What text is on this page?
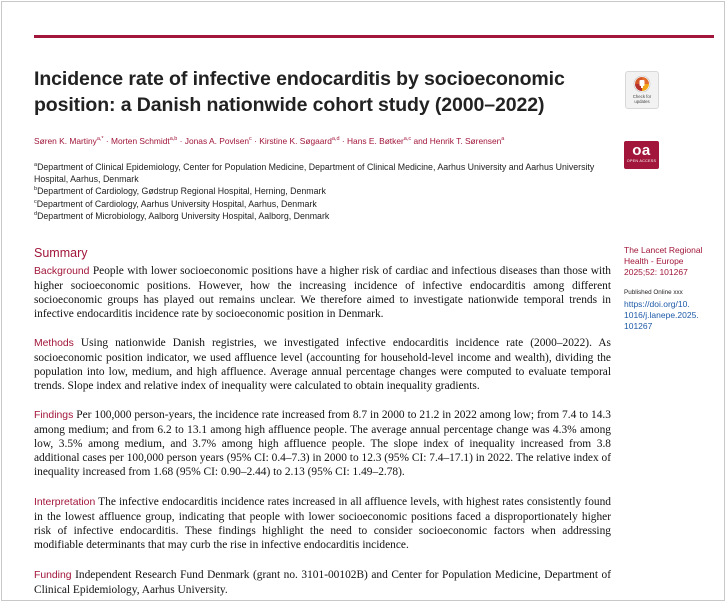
Incidence rate of infective endocarditis by socioeconomic position: a Danish nationwide cohort study (2000–2022)	Check for
updates
Søren K. Martiny$^{a,*}$ · Morten Schmidt$^{a,b}$ · Jonas A. Povlsen$^c$ · Kirstine K. Søgaard$^{a,d}$ · Hans E. Bøtker$^{a,c}$ and Henrik T. Sørensen$^a$
oa
OPEN ACCESS

$^a$Department of Clinical Epidemiology, Center for Population Medicine, Department of Clinical Medicine, Aarhus University and Aarhus University Hospital, Aarhus, Denmark

$^b$Department of Cardiology, Gødstrup Regional Hospital, Herning, Denmark

$^c$Department of Cardiology, Aarhus University Hospital, Aarhus, Denmark

$^d$Department of Microbiology, Aalborg University Hospital, Aalborg, Denmark

Summary

Background People with lower socioeconomic positions have a higher risk of cardiac and infectious diseases than those with higher socioeconomic positions. However, how the increasing incidence of infective endocarditis among different socioeconomic groups has played out remains unclear. We therefore aimed to investigate nationwide temporal trends in infective endocarditis incidence rate by socioeconomic position in Denmark.

Methods Using nationwide Danish registries, we investigated infective endocarditis incidence rate (2000–2022). As socioeconomic position indicator, we used affluence level (accounting for household-level income and wealth), dividing the population into low, medium, and high affluence. Average annual percentage changes were computed to evaluate temporal trends. Slope index and relative index of inequality were calculated to obtain inequality gradients.

Findings Per 100,000 person-years, the incidence rate increased from 8.7 in 2000 to 21.2 in 2022 among low; from 7.4 to 14.3 among medium; and from 6.2 to 13.1 among high affluence people. The average annual percentage change was 4.3% among low, 3.5% among medium, and 3.7% among high affluence people. The slope index of inequality increased from 3.8 additional cases per 100,000 person years (95% CI: 0.4–7.3) in 2000 to 12.3 (95% CI: 7.4–17.1) in 2022. The relative index of inequality increased from 1.68 (95% CI: 0.90–2.44) to 2.13 (95% CI: 1.49–2.78).

Interpretation The infective endocarditis incidence rates increased in all affluence levels, with highest rates consistently found in the lowest affluence group, indicating that people with lower socioeconomic positions faced a disproportionately higher risk of infective endocarditis. These findings highlight the need to consider socioeconomic factors when addressing modifiable determinants that may curb the rise in infective endocarditis incidence.

Funding Independent Research Fund Denmark (grant no. 3101-00102B) and Center for Population Medicine, Department of Clinical Epidemiology, Aarhus University.

The Lancet Regional
Health - Europe
2025;52: 101267

Published Online xxx

https://doi.org/10.
1016/j.lanepe.2025.
101267
